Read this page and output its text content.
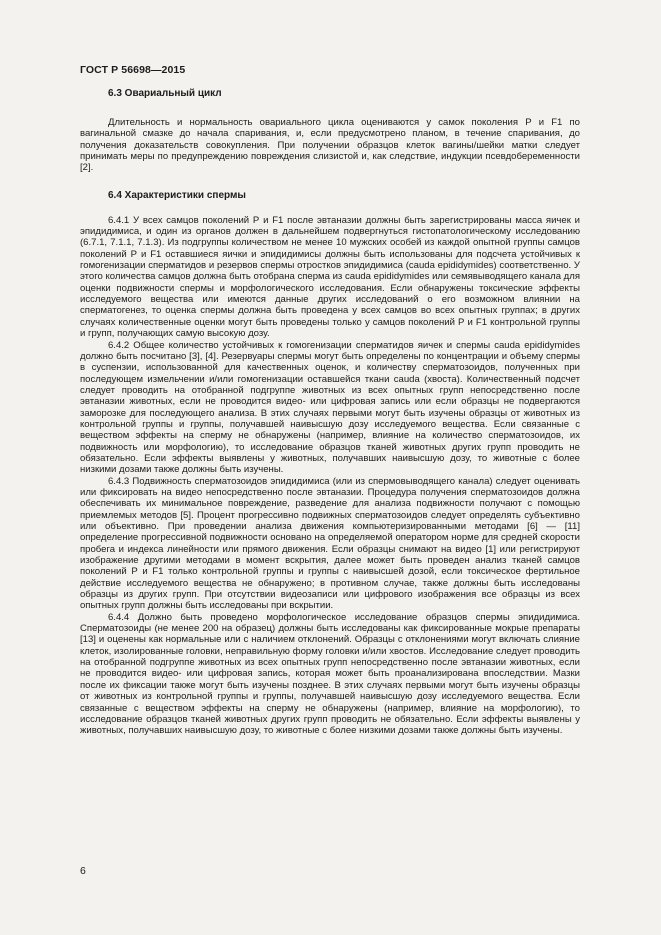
ГОСТ Р 56698—2015
6.3 Овариальный цикл

Длительность и нормальность овариального цикла оцениваются у самок поколения Р и F1 по вагинальной смазке до начала спаривания, и, если предусмотрено планом, в течение спаривания, до получения доказательств совокупления. При получении образцов клеток вагины/шейки матки следует принимать меры по предупреждению повреждения слизистой и, как следствие, индукции псевдобеременности [2].

6.4 Характеристики спермы

6.4.1 У всех самцов поколений Р и F1 после эвтаназии должны быть зарегистрированы масса яичек и эпидидимиса, и один из органов должен в дальнейшем подвергнуться гистопатологическому исследованию (6.7.1, 7.1.1, 7.1.3). Из подгруппы количеством не менее 10 мужских особей из каждой опытной группы самцов поколений Р и F1 оставшиеся яички и эпидидимисы должны быть использованы для подсчета устойчивых к гомогенизации сперматидов и резервов спермы отростков эпидидимиса (cauda epididymides) соответственно. У этого количества самцов должна быть отобрана сперма из cauda epididymides или семявыводящего канала для оценки подвижности спермы и морфологического исследования. Если обнаружены токсические эффекты исследуемого вещества или имеются данные других исследований о его возможном влиянии на сперматогенез, то оценка спермы должна быть проведена у всех самцов во всех опытных группах; в других случаях количественные оценки могут быть проведены только у самцов поколений Р и F1 контрольной группы и групп, получающих самую высокую дозу.

6.4.2 Общее количество устойчивых к гомогенизации сперматидов яичек и спермы cauda epididymides должно быть посчитано [3], [4]. Резервуары спермы могут быть определены по концентрации и объему спермы в суспензии, использованной для качественных оценок, и количеству сперматозоидов, полученных при последующем измельчении и/или гомогенизации оставшейся ткани cauda (хвоста). Количественный подсчет следует проводить на отобранной подгруппе животных из всех опытных групп непосредственно после эвтаназии животных, если не проводится видео- или цифровая запись или если образцы не подвергаются заморозке для последующего анализа. В этих случаях первыми могут быть изучены образцы от животных из контрольной группы и группы, получавшей наивысшую дозу исследуемого вещества. Если связанные с веществом эффекты на сперму не обнаружены (например, влияние на количество сперматозоидов, их подвижность или морфологию), то исследование образцов тканей животных других групп проводить не обязательно. Если эффекты выявлены у животных, получавших наивысшую дозу, то животные с более низкими дозами также должны быть изучены.

6.4.3 Подвижность сперматозоидов эпидидимиса (или из спермовыводящего канала) следует оценивать или фиксировать на видео непосредственно после эвтаназии. Процедура получения сперматозоидов должна обеспечивать их минимальное повреждение, разведение для анализа подвижности получают с помощью приемлемых методов [5]. Процент прогрессивно подвижных сперматозоидов следует определять субъективно или объективно. При проведении анализа движения компьютеризированными методами [6] — [11] определение прогрессивной подвижности основано на определяемой оператором норме для средней скорости пробега и индекса линейности или прямого движения. Если образцы снимают на видео [1] или регистрируют изображение другими методами в момент вскрытия, далее может быть проведен анализ тканей самцов поколений Р и F1 только контрольной группы и группы с наивысшей дозой, если токсическое фертильное действие исследуемого вещества не обнаружено; в противном случае, также должны быть исследованы образцы из других групп. При отсутствии видеозаписи или цифрового изображения все образцы из всех опытных групп должны быть исследованы при вскрытии.

6.4.4 Должно быть проведено морфологическое исследование образцов спермы эпидидимиса. Сперматозоиды (не менее 200 на образец) должны быть исследованы как фиксированные мокрые препараты [13] и оценены как нормальные или с наличием отклонений. Образцы с отклонениями могут включать слияние клеток, изолированные головки, неправильную форму головки и/или хвостов. Исследование следует проводить на отобранной подгруппе животных из всех опытных групп непосредственно после эвтаназии животных, если не проводится видео- или цифровая запись, которая может быть проанализирована впоследствии. Мазки после их фиксации также могут быть изучены позднее. В этих случаях первыми могут быть изучены образцы от животных из контрольной группы и группы, получавшей наивысшую дозу исследуемого вещества. Если связанные с веществом эффекты на сперму не обнаружены (например, влияние на морфологию), то исследование образцов тканей животных других групп проводить не обязательно. Если эффекты выявлены у животных, получавших наивысшую дозу, то животные с более низкими дозами также должны быть изучены.

6
